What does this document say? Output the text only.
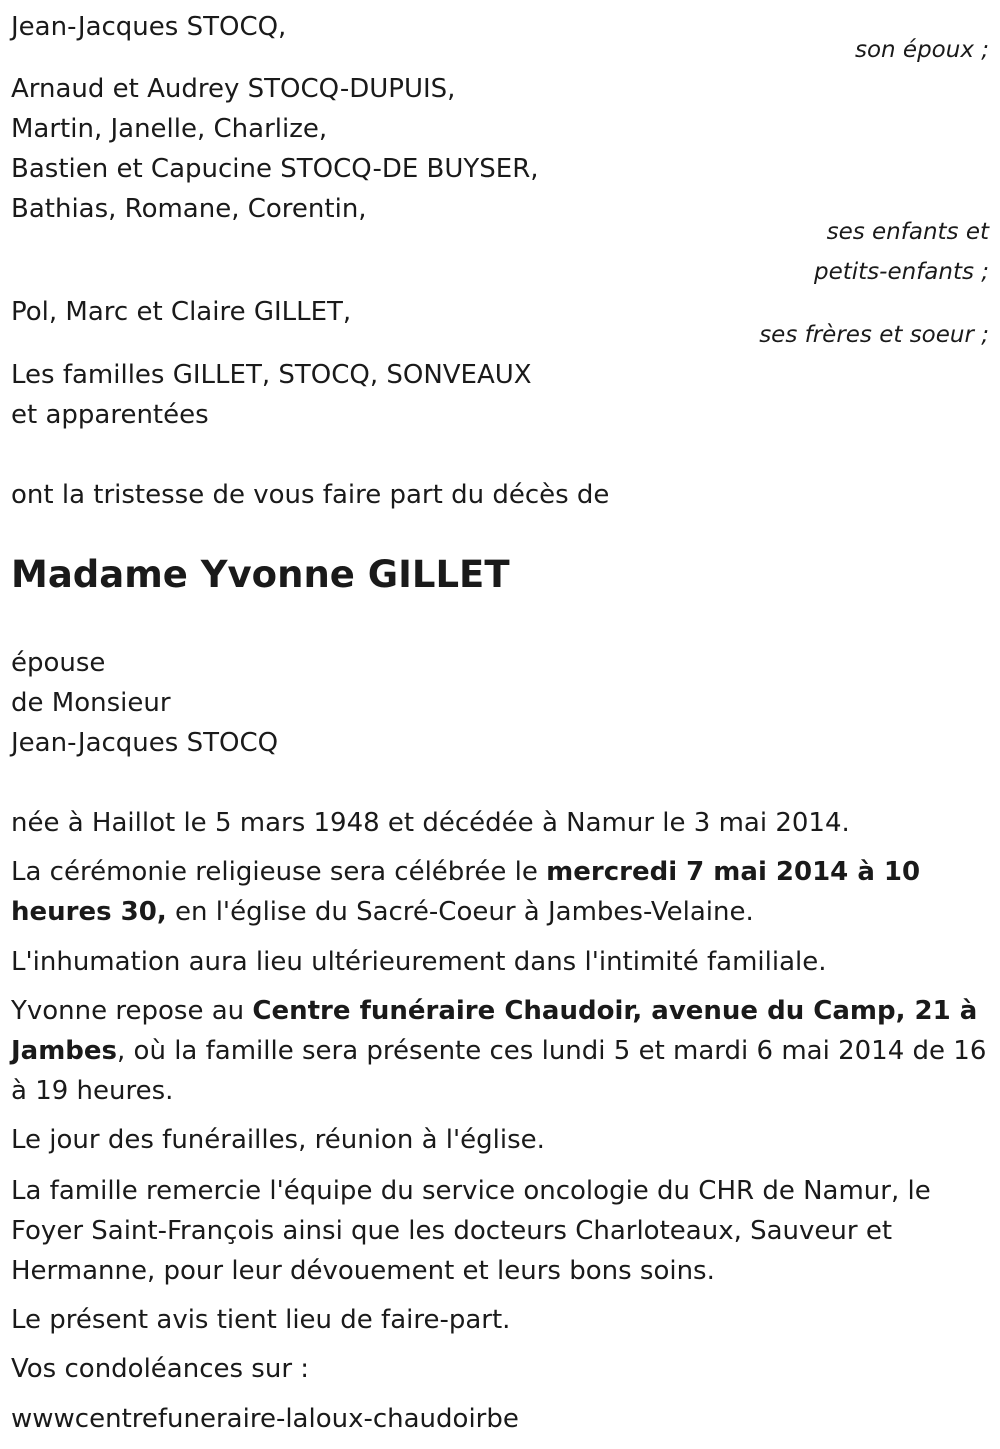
Jean-Jacques STOCQ,
son époux ;
Arnaud et Audrey STOCQ-DUPUIS,
Martin, Janelle, Charlize,
Bastien et Capucine STOCQ-DE BUYSER,
Bathias, Romane, Corentin,
ses enfants et
petits-enfants ;
Pol, Marc et Claire GILLET,
ses frères et soeur ;
Les familles GILLET, STOCQ, SONVEAUX
et apparentées
ont la tristesse de vous faire part du décès de
Madame Yvonne GILLET
épouse
de Monsieur
Jean-Jacques STOCQ
née à Haillot le 5 mars 1948 et décédée à Namur le 3 mai 2014.
La cérémonie religieuse sera célébrée le mercredi 7 mai 2014 à 10
heures 30, en l'église du Sacré-Coeur à Jambes-Velaine.
L'inhumation aura lieu ultérieurement dans l'intimité familiale.
Yvonne repose au Centre funéraire Chaudoir, avenue du Camp, 21 à
Jambes, où la famille sera présente ces lundi 5 et mardi 6 mai 2014 de 16
à 19 heures.
Le jour des funérailles, réunion à l'église.
La famille remercie l'équipe du service oncologie du CHR de Namur, le
Foyer Saint-François ainsi que les docteurs Charloteaux, Sauveur et
Hermanne, pour leur dévouement et leurs bons soins.
Le présent avis tient lieu de faire-part.
Vos condoléances sur :
wwwcentrefuneraire-laloux-chaudoirbe
